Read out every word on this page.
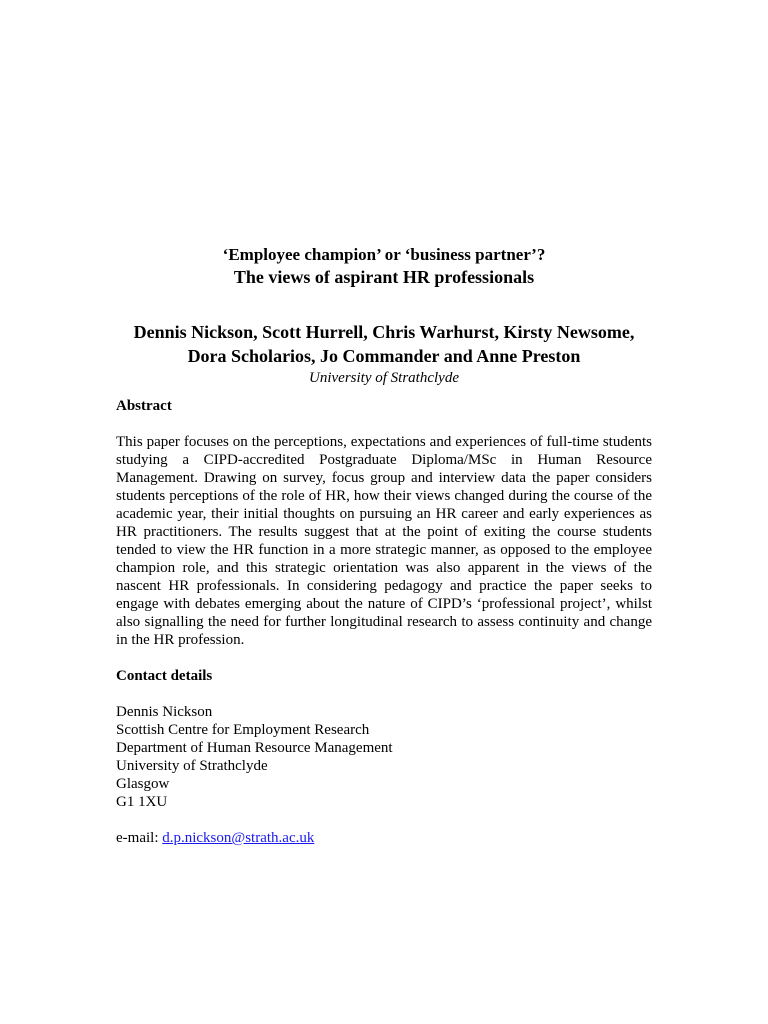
‘Employee champion’ or ‘business partner’?

The views of aspirant HR professionals

Dennis Nickson, Scott Hurrell, Chris Warhurst, Kirsty Newsome,

Dora Scholarios, Jo Commander and Anne Preston

University of Strathclyde

Abstract

This paper focuses on the perceptions, expectations and experiences of full-time students studying a CIPD-accredited Postgraduate Diploma/MSc in Human Resource Management. Drawing on survey, focus group and interview data the paper considers students perceptions of the role of HR, how their views changed during the course of the academic year, their initial thoughts on pursuing an HR career and early experiences as HR practitioners. The results suggest that at the point of exiting the course students tended to view the HR function in a more strategic manner, as opposed to the employee champion role, and this strategic orientation was also apparent in the views of the nascent HR professionals. In considering pedagogy and practice the paper seeks to engage with debates emerging about the nature of CIPD’s ‘professional project’, whilst also signalling the need for further longitudinal research to assess continuity and change in the HR profession.

Contact details

Dennis Nickson
Scottish Centre for Employment Research
Department of Human Resource Management
University of Strathclyde
Glasgow
G1 1XU

e-mail: d.p.nickson@strath.ac.uk
